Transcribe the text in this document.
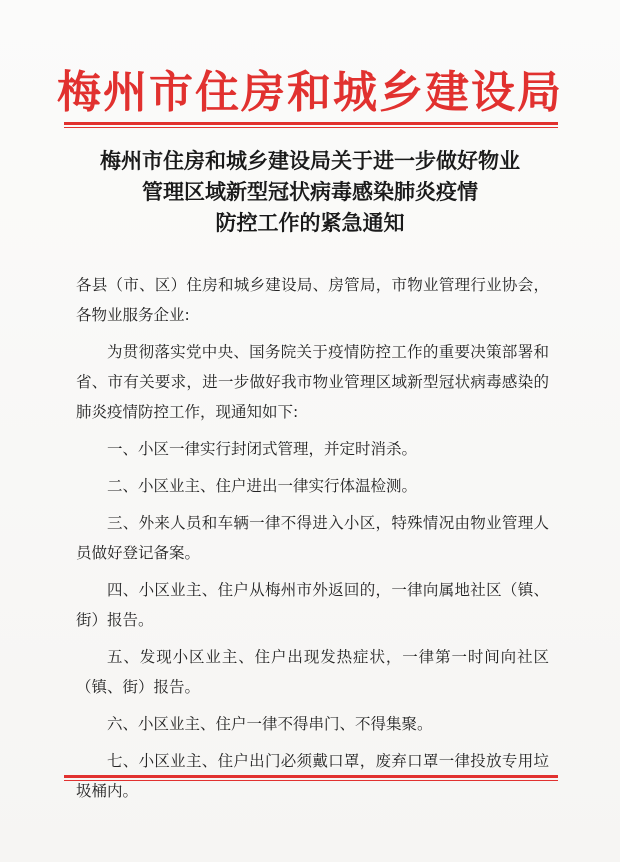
梅州市住房和城乡建设局
梅州市住房和城乡建设局关于进一步做好物业
管理区域新型冠状病毒感染肺炎疫情
防控工作的紧急通知

各县（市、区）住房和城乡建设局、房管局，市物业管理行业协会，各物业服务企业:

为贯彻落实党中央、国务院关于疫情防控工作的重要决策部署和省、市有关要求，进一步做好我市物业管理区域新型冠状病毒感染的肺炎疫情防控工作，现通知如下:

一、小区一律实行封闭式管理，并定时消杀。

二、小区业主、住户进出一律实行体温检测。

三、外来人员和车辆一律不得进入小区，特殊情况由物业管理人员做好登记备案。

四、小区业主、住户从梅州市外返回的，一律向属地社区（镇、街）报告。

五、发现小区业主、住户出现发热症状，一律第一时间向社区（镇、街）报告。

六、小区业主、住户一律不得串门、不得集聚。

七、小区业主、住户出门必须戴口罩，废弃口罩一律投放专用垃圾桶内。
